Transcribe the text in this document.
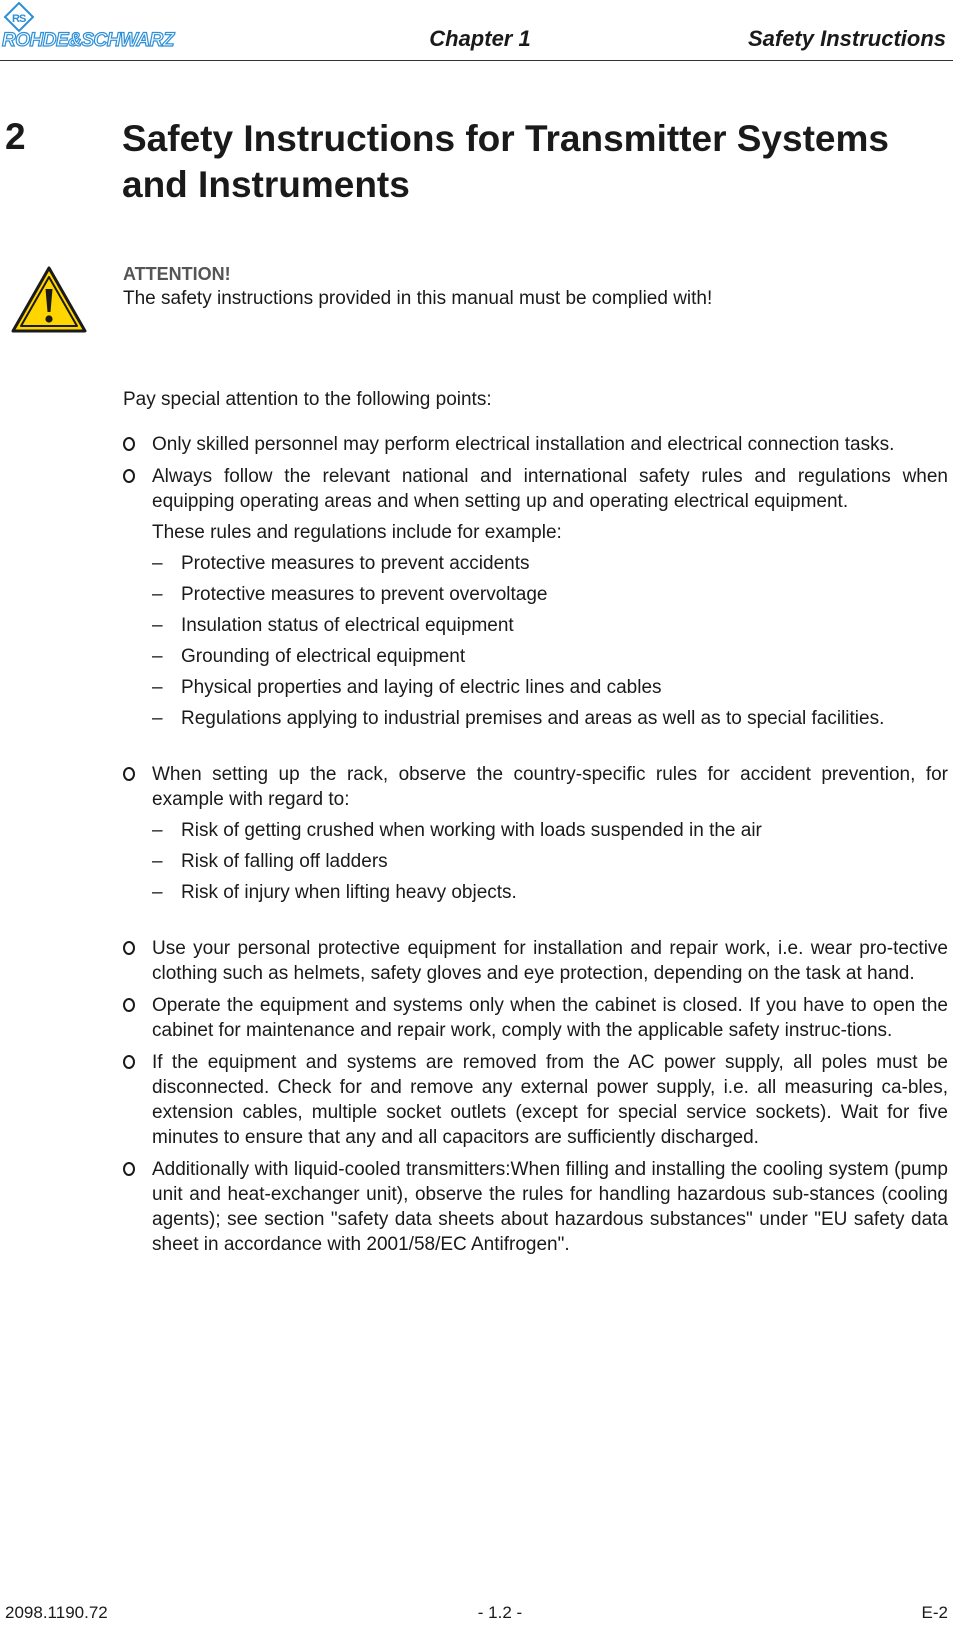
R S
ROHDE&SCHWARZ	Chapter 1	Safety Instructions
2	Safety Instructions for Transmitter Systems and Instruments
ATTENTION!
The safety instructions provided in this manual must be complied with!

Pay special attention to the following points:

Only skilled personnel may perform electrical installation and electrical connection tasks.
Always follow the relevant national and international safety rules and regulations when equipping operating areas and when setting up and operating electrical equipment.

These rules and regulations include for example:

– Protective measures to prevent accidents
– Protective measures to prevent overvoltage
– Insulation status of electrical equipment
– Grounding of electrical equipment
– Physical properties and laying of electric lines and cables
– Regulations applying to industrial premises and areas as well as to special facilities.
When setting up the rack, observe the country-specific rules for accident prevention, for example with regard to:
– Risk of getting crushed when working with loads suspended in the air
– Risk of falling off ladders
– Risk of injury when lifting heavy objects.
Use your personal protective equipment for installation and repair work, i.e. wear pro-tective clothing such as helmets, safety gloves and eye protection, depending on the task at hand.
Operate the equipment and systems only when the cabinet is closed. If you have to open the cabinet for maintenance and repair work, comply with the applicable safety instruc-tions.
If the equipment and systems are removed from the AC power supply, all poles must be disconnected. Check for and remove any external power supply, i.e. all measuring ca-bles, extension cables, multiple socket outlets (except for special service sockets). Wait for five minutes to ensure that any and all capacitors are sufficiently discharged.
Additionally with liquid-cooled transmitters:When filling and installing the cooling system (pump unit and heat-exchanger unit), observe the rules for handling hazardous sub-stances (cooling agents); see section "safety data sheets about hazardous substances" under "EU safety data sheet in accordance with 2001/58/EC Antifrogen".
2098.1190.72	- 1.2 -	E-2
